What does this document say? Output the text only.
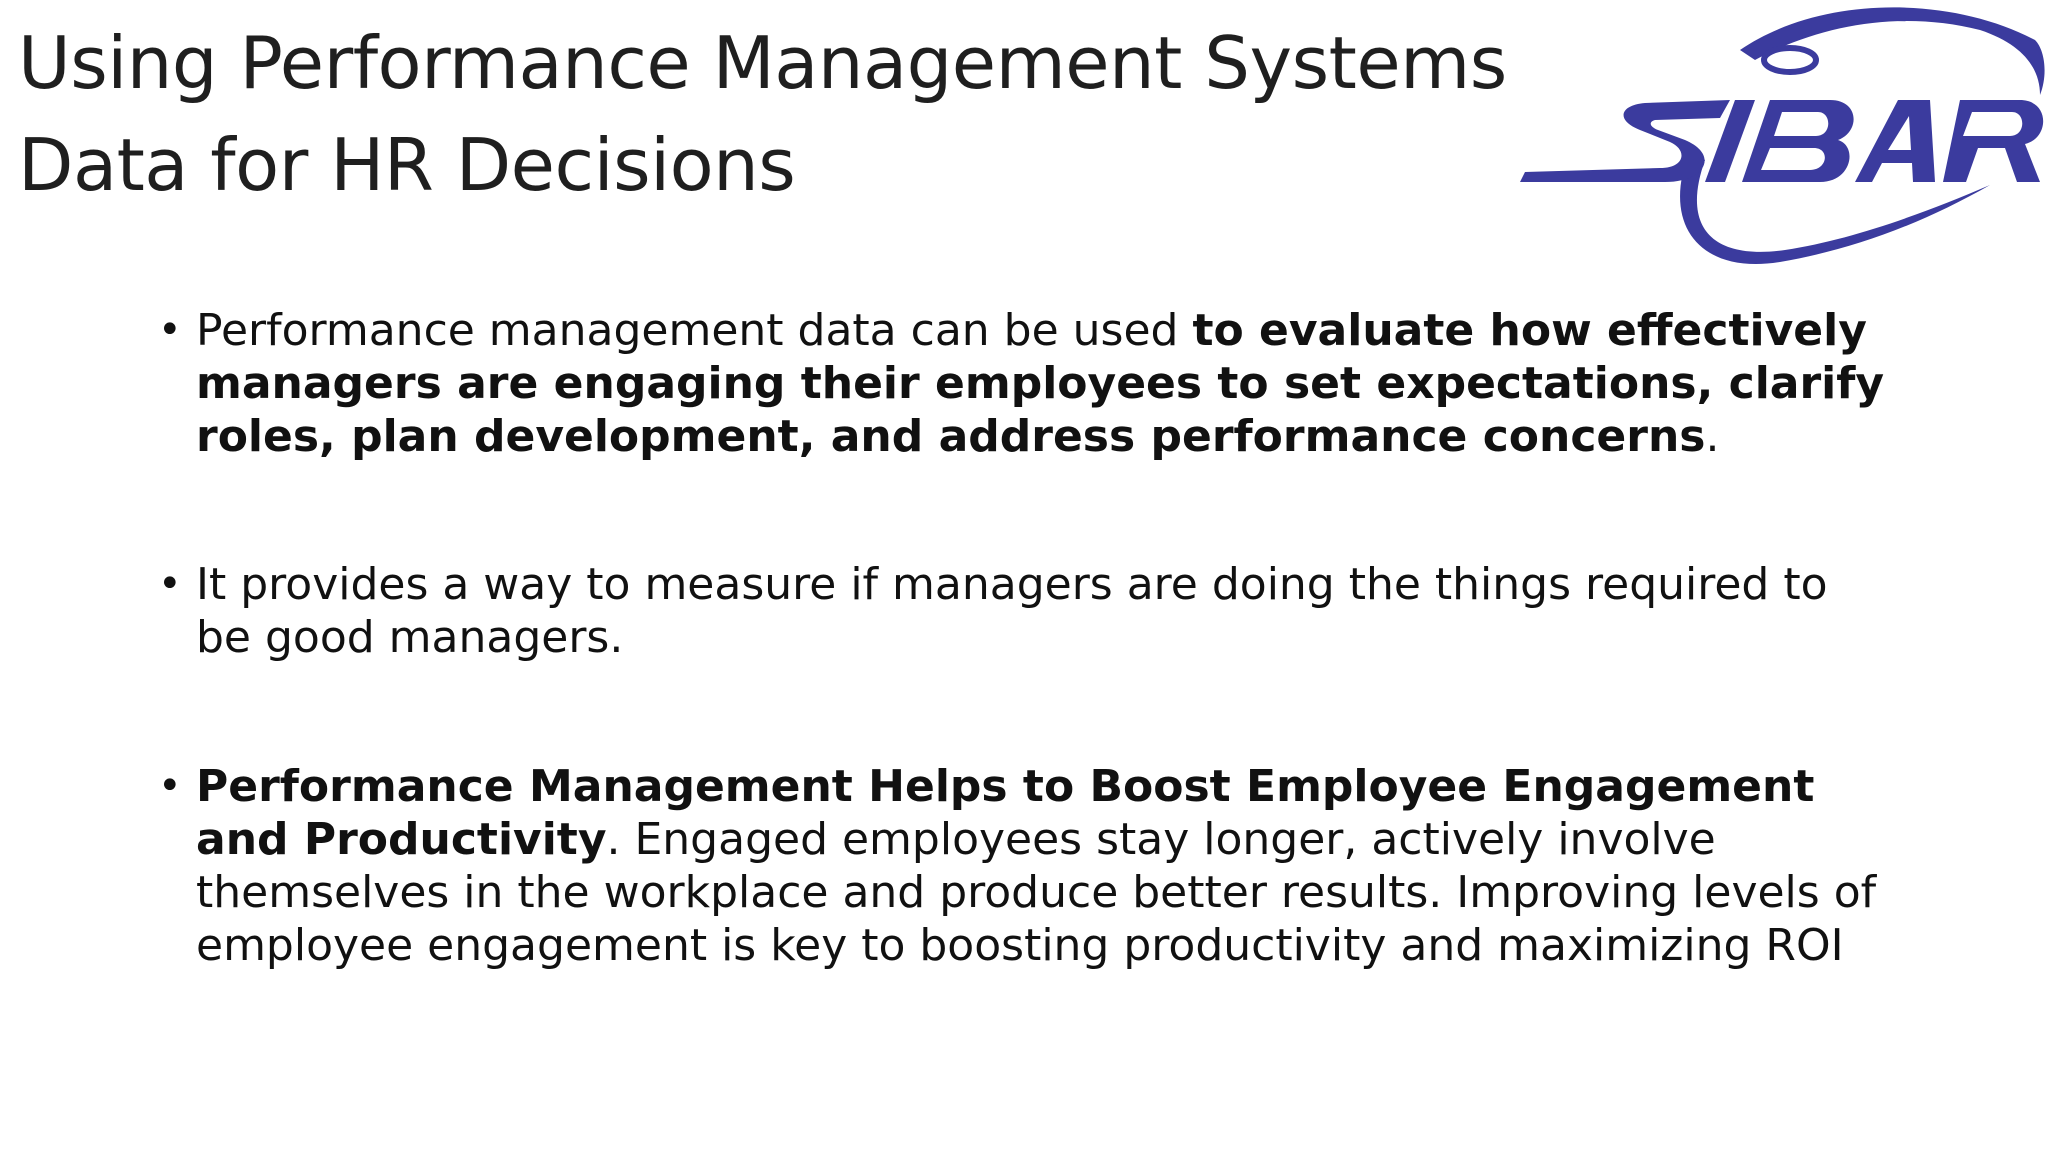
Using Performance Management Systems
Data for HR Decisions
• Performance management data can be used to evaluate how effectively managers are engaging their employees to set expectations, clarify roles, plan development, and address performance concerns.
• It provides a way to measure if managers are doing the things required to be good managers.
• Performance Management Helps to Boost Employee Engagement and Productivity. Engaged employees stay longer, actively involve themselves in the workplace and produce better results. Improving levels of employee engagement is key to boosting productivity and maximizing ROI
